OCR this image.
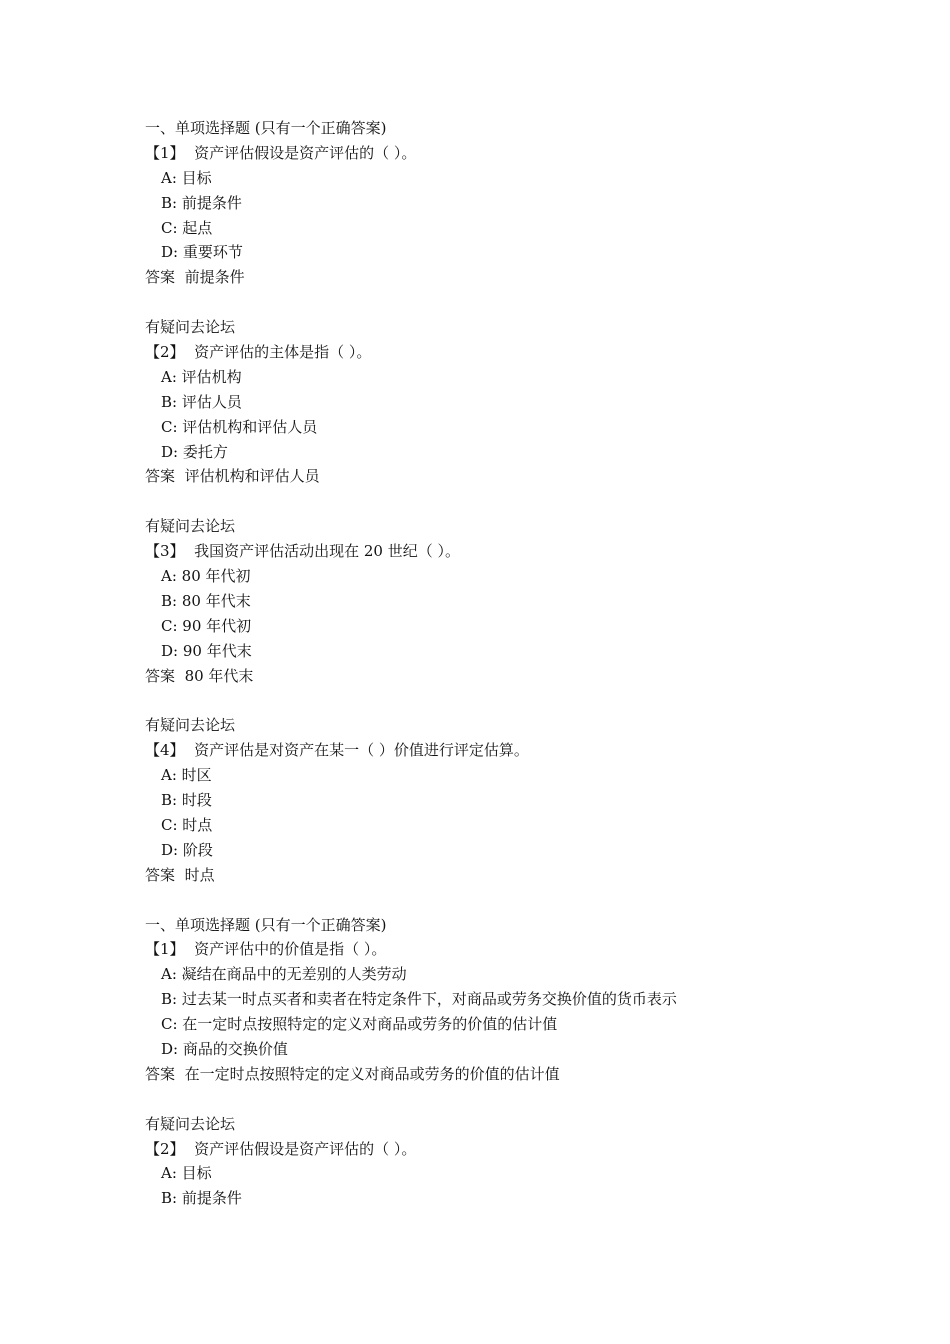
一、单项选择题 (只有一个正确答案)
【1】 资产评估假设是资产评估的（ ）。
A: 目标
B: 前提条件
C: 起点
D: 重要环节
答案 前提条件
有疑问去论坛
【2】 资产评估的主体是指（ ）。
A: 评估机构
B: 评估人员
C: 评估机构和评估人员
D: 委托方
答案 评估机构和评估人员
有疑问去论坛
【3】 我国资产评估活动出现在 20 世纪（ ）。
A: 80 年代初
B: 80 年代末
C: 90 年代初
D: 90 年代末
答案 80 年代末
有疑问去论坛
【4】 资产评估是对资产在某一（ ）价值进行评定估算。
A: 时区
B: 时段
C: 时点
D: 阶段
答案 时点
一、单项选择题 (只有一个正确答案)
【1】 资产评估中的价值是指（ ）。
A: 凝结在商品中的无差别的人类劳动
B: 过去某一时点买者和卖者在特定条件下，对商品或劳务交换价值的货币表示
C: 在一定时点按照特定的定义对商品或劳务的价值的估计值
D: 商品的交换价值
答案 在一定时点按照特定的定义对商品或劳务的价值的估计值
有疑问去论坛
【2】 资产评估假设是资产评估的（ ）。
A: 目标
B: 前提条件
